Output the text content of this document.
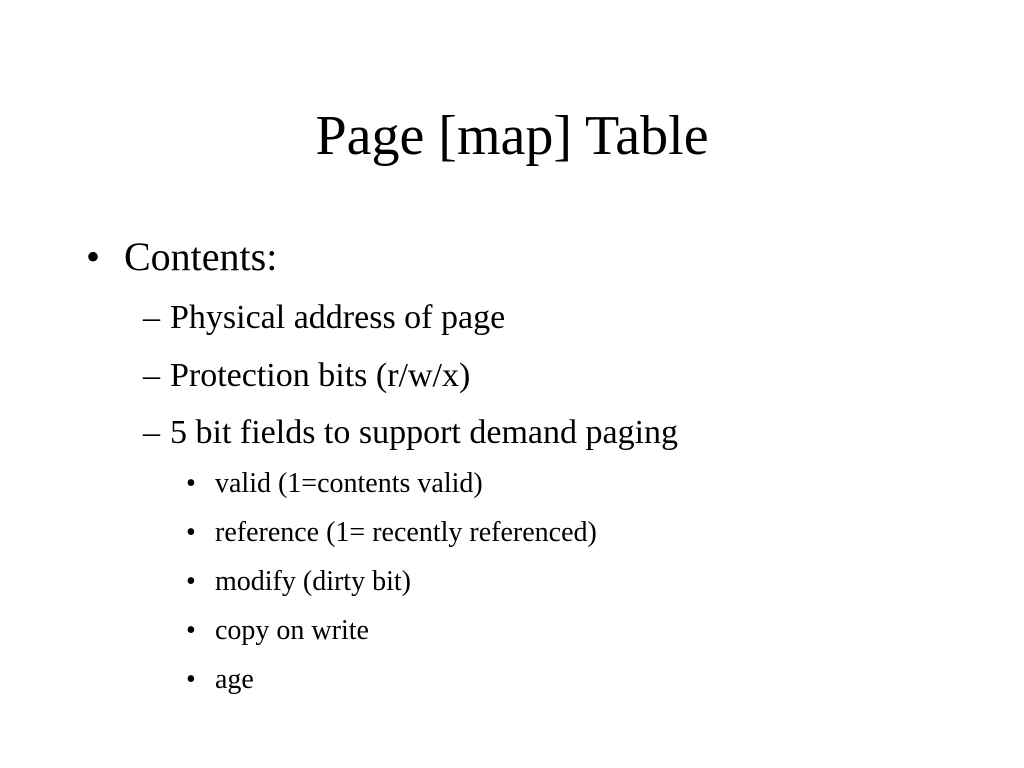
Page [map] Table
• Contents:
– Physical address of page
– Protection bits (r/w/x)
– 5 bit fields to support demand paging
• valid (1=contents valid)
• reference (1= recently referenced)
• modify (dirty bit)
• copy on write
• age
